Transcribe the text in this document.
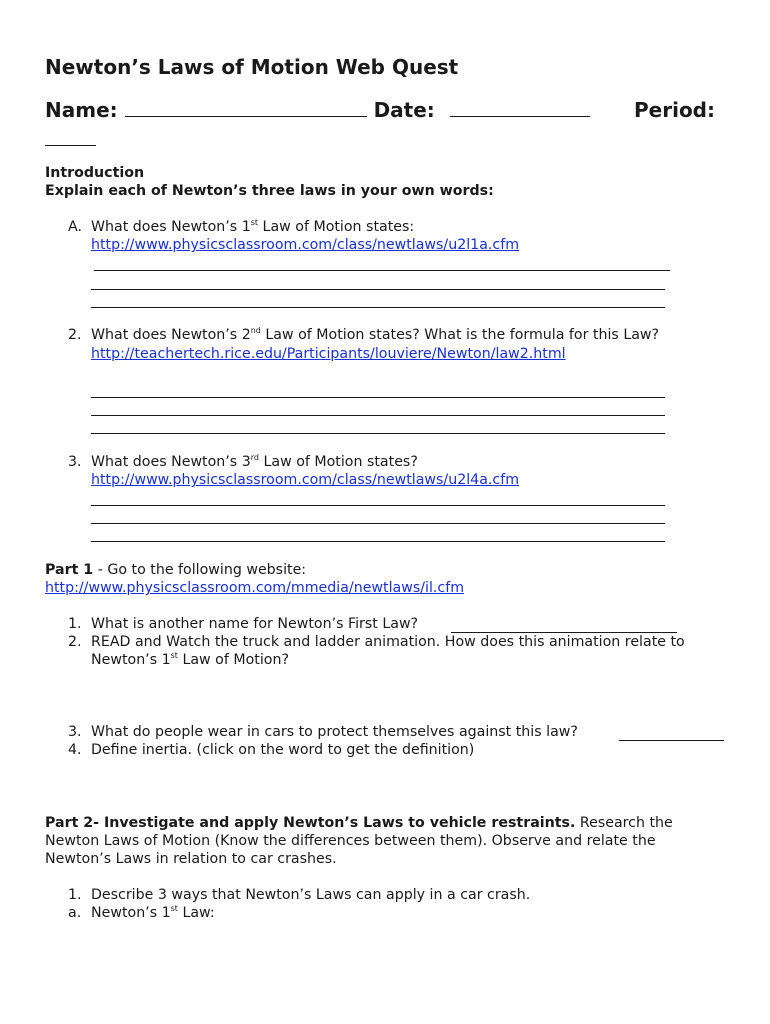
Newton’s Laws of Motion Web Quest
Name:	Date:	Period:
Introduction
Explain each of Newton’s three laws in your own words:
A. What does Newton’s 1st Law of Motion states:
http://www.physicsclassroom.com/class/newtlaws/u2l1a.cfm
2. What does Newton’s 2nd Law of Motion states? What is the formula for this Law?
http://teachertech.rice.edu/Participants/louviere/Newton/law2.html
3. What does Newton’s 3rd Law of Motion states?
http://www.physicsclassroom.com/class/newtlaws/u2l4a.cfm
Part 1 - Go to the following website:
http://www.physicsclassroom.com/mmedia/newtlaws/il.cfm
1. What is another name for Newton’s First Law?
2. READ and Watch the truck and ladder animation. How does this animation relate to
Newton’s 1st Law of Motion?
3. What do people wear in cars to protect themselves against this law?
4. Define inertia. (click on the word to get the definition)
Part 2- Investigate and apply Newton’s Laws to vehicle restraints. Research the
Newton Laws of Motion (Know the differences between them). Observe and relate the
Newton’s Laws in relation to car crashes.
1. Describe 3 ways that Newton’s Laws can apply in a car crash.
a. Newton’s 1st Law:
